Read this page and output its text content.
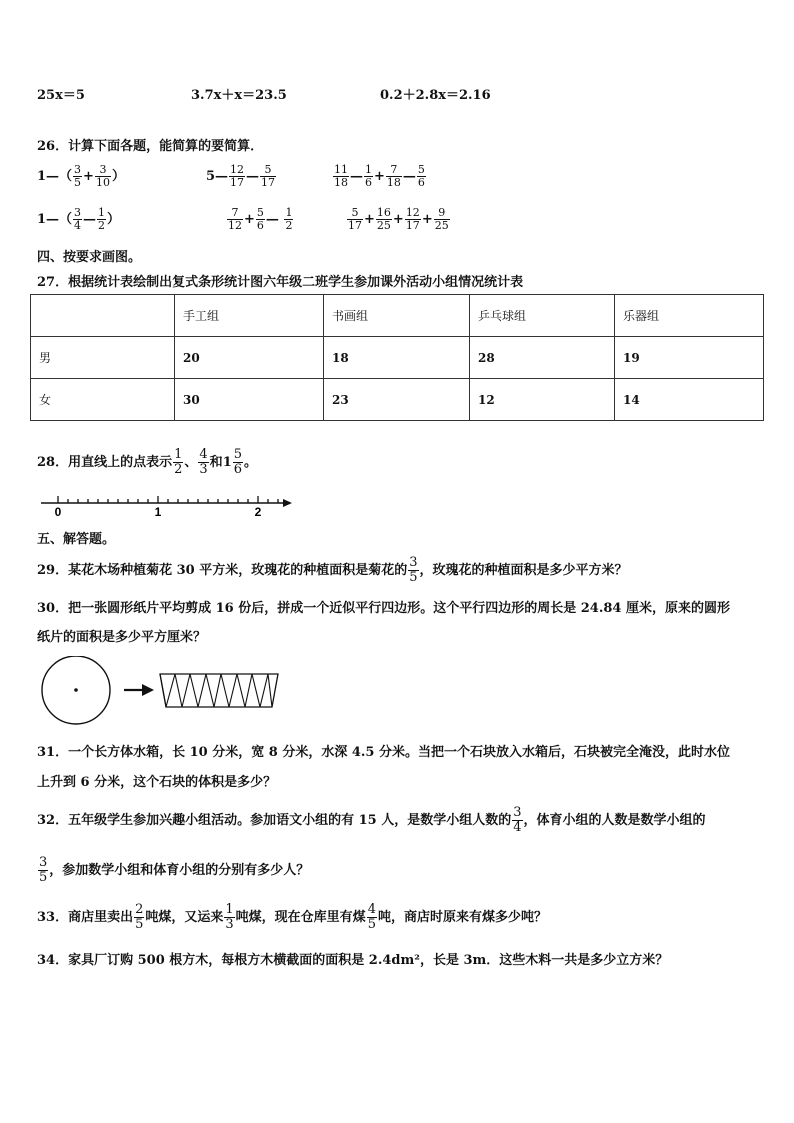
25x＝5	3.7x＋x＝23.5	0.2＋2.8x＝2.16
26．计算下面各题，能简算的要简算．
1—（ $\frac{3}{5} + \frac{3}{10}$ ）	5— $\frac{12}{17}$ — $\frac{5}{17}$	$\frac{11}{18}$ — $\frac{1}{6} + \frac{7}{18}$ — $\frac{5}{6}$
1—（ $\frac{3}{4}$ — $\frac{1}{2}$ ）	$\frac{7}{12} + \frac{5}{6}$ — $\frac{1}{2}$	$\frac{5}{17} + \frac{16}{25} + \frac{12}{17} + \frac{9}{25}$
四、按要求画图。
27．根据统计表绘制出复式条形统计图六年级二班学生参加课外活动小组情况统计表
	手工组	书画组	乒乓球组	乐器组
男	20	18	28	19
女	30	23	12	14
28．用直线上的点表示 $\frac{1}{2}$ 、 $\frac{4}{3}$ 和$1 \frac{5}{6}$ 。
0	1	2
五、解答题。
29．某花木场种植菊花 30 平方米，玫瑰花的种植面积是菊花的 $\frac{3}{5}$ ，玫瑰花的种植面积是多少平方米？
30．把一张圆形纸片平均剪成 16 份后，拼成一个近似平行四边形。这个平行四边形的周长是 24.84 厘米，原来的圆形
纸片的面积是多少平方厘米？
31．一个长方体水箱，长 10 分米，宽 8 分米，水深 4.5 分米。当把一个石块放入水箱后，石块被完全淹没，此时水位
上升到 6 分米，这个石块的体积是多少？
32．五年级学生参加兴趣小组活动。参加语文小组的有 15 人，是数学小组人数的 $\frac{3}{4}$ ，体育小组的人数是数学小组的
$\frac{3}{5}$ ，参加数学小组和体育小组的分别有多少人？
33．商店里卖出 $\frac{2}{5}$ 吨煤，又运来 $\frac{1}{3}$ 吨煤，现在仓库里有煤 $\frac{4}{5}$ 吨，商店时原来有煤多少吨？
34．家具厂订购 500 根方木，每根方木横截面的面积是 2.4dm²，长是 3m．这些木料一共是多少立方米？
